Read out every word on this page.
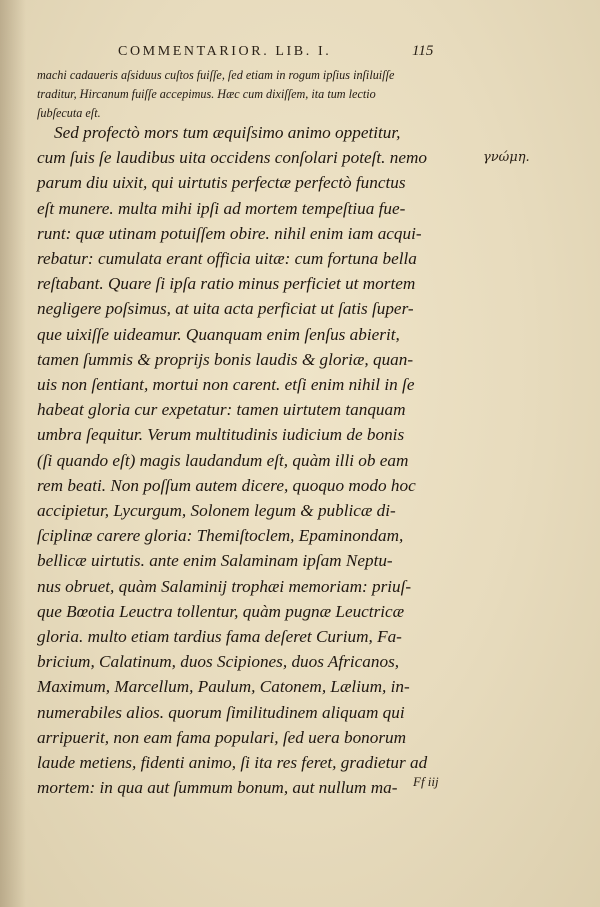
COMMENTARIOR. LIB. I.	115
machi cadaueris aſsiduus cuſtos fuiſſe, ſed etiam in rogum ipſius inſiluiſſe
traditur, Hircanum fuiſſe accepimus. Hæc cum dixiſſem, ita tum lectio
ſubſecuta eſt.
γνώμη.
Sed profectò mors tum æquiſsimo animo oppetitur,
cum ſuis ſe laudibus uita occidens conſolari poteſt. nemo
parum diu uixit, qui uirtutis perfectæ perfectò functus
eſt munere. multa mihi ipſi ad mortem tempeſtiua fue-
runt: quæ utinam potuiſſem obire. nihil enim iam acqui-
rebatur: cumulata erant officia uitæ: cum fortuna bella
reſtabant. Quare ſi ipſa ratio minus perficiet ut mortem
negligere poſsimus, at uita acta perficiat ut ſatis ſuper-
que uixiſſe uideamur. Quanquam enim ſenſus abierit,
tamen ſummis & proprijs bonis laudis & gloriæ, quan-
uis non ſentiant, mortui non carent. etſi enim nihil in ſe
habeat gloria cur expetatur: tamen uirtutem tanquam
umbra ſequitur. Verum multitudinis iudicium de bonis
(ſi quando eſt) magis laudandum eſt, quàm illi ob eam
rem beati. Non poſſum autem dicere, quoquo modo hoc
accipietur, Lycurgum, Solonem legum & publicæ di-
ſciplinæ carere gloria: Themiſtoclem, Epaminondam,
bellicæ uirtutis. ante enim Salaminam ipſam Neptu-
nus obruet, quàm Salaminij trophæi memoriam: priuſ-
que Bœotia Leuctra tollentur, quàm pugnæ Leuctricæ
gloria. multo etiam tardius fama deſeret Curium, Fa-
bricium, Calatinum, duos Scipiones, duos Africanos,
Maximum, Marcellum, Paulum, Catonem, Lælium, in-
numerabiles alios. quorum ſimilitudinem aliquam qui
arripuerit, non eam fama populari, ſed uera bonorum
laude metiens, fidenti animo, ſi ita res feret, gradietur ad
mortem: in qua aut ſummum bonum, aut nullum ma-	Ff iij
